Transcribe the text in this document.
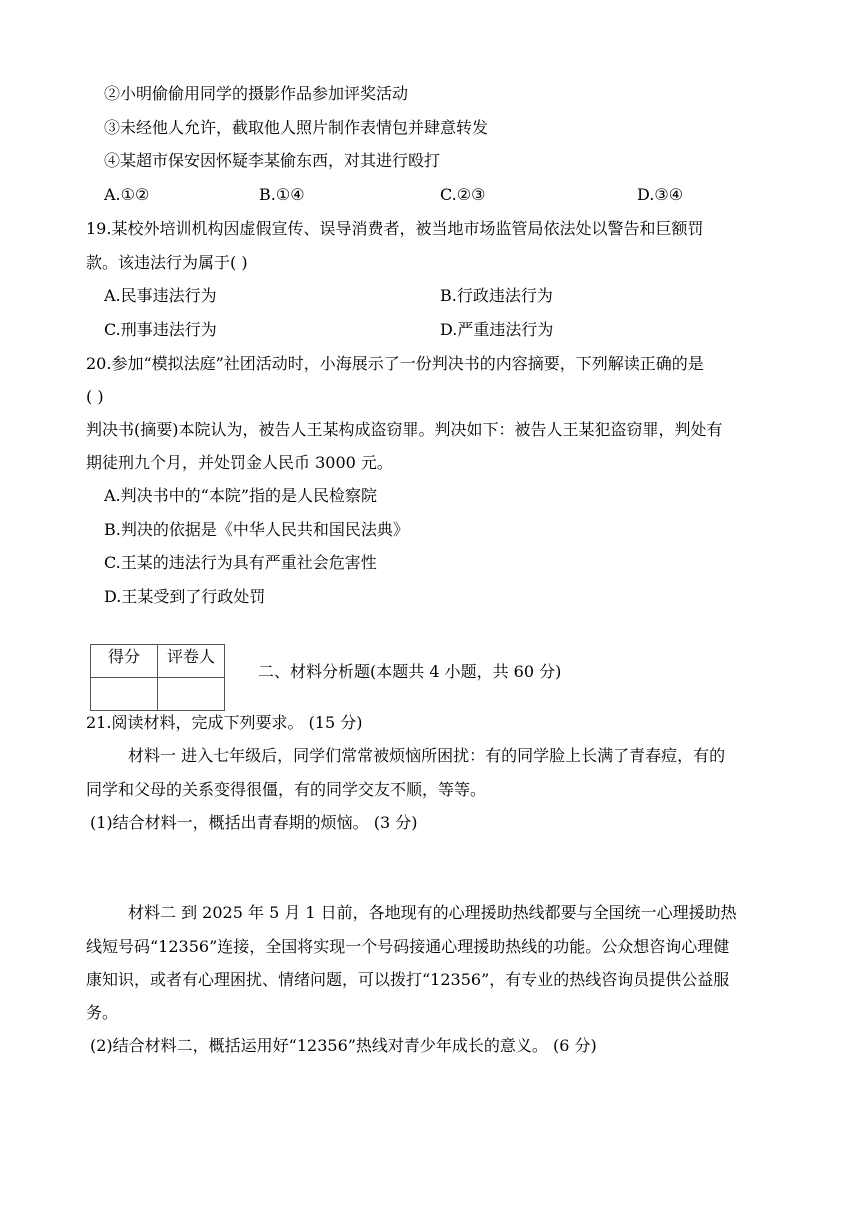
②小明偷偷用同学的摄影作品参加评奖活动
③未经他人允许，截取他人照片制作表情包并肆意转发
④某超市保安因怀疑李某偷东西，对其进行殴打
A.①②	B.①④	C.②③	D.③④
19.某校外培训机构因虚假宣传、误导消费者，被当地市场监管局依法处以警告和巨额罚
款。该违法行为属于( )
A.民事违法行为	B.行政违法行为
C.刑事违法行为	D.严重违法行为
20.参加“模拟法庭”社团活动时，小海展示了一份判决书的内容摘要，下列解读正确的是
( )
判决书(摘要)本院认为，被告人王某构成盗窃罪。判决如下：被告人王某犯盗窃罪，判处有
期徒刑九个月，并处罚金人民币 3000 元。
A.判决书中的“本院”指的是人民检察院
B.判决的依据是《中华人民共和国民法典》
C.王某的违法行为具有严重社会危害性
D.王某受到了行政处罚
得分	评卷人

二、材料分析题(本题共 4 小题，共 60 分)
21.阅读材料，完成下列要求。 (15 分)
材料一 进入七年级后，同学们常常被烦恼所困扰：有的同学脸上长满了青春痘，有的
同学和父母的关系变得很僵，有的同学交友不顺，等等。
(1)结合材料一，概括出青春期的烦恼。 (3 分)
材料二 到 2025 年 5 月 1 日前，各地现有的心理援助热线都要与全国统一心理援助热
线短号码“12356”连接，全国将实现一个号码接通心理援助热线的功能。公众想咨询心理健
康知识，或者有心理困扰、情绪问题，可以拨打“12356”，有专业的热线咨询员提供公益服
务。
(2)结合材料二，概括运用好“12356”热线对青少年成长的意义。 (6 分)
